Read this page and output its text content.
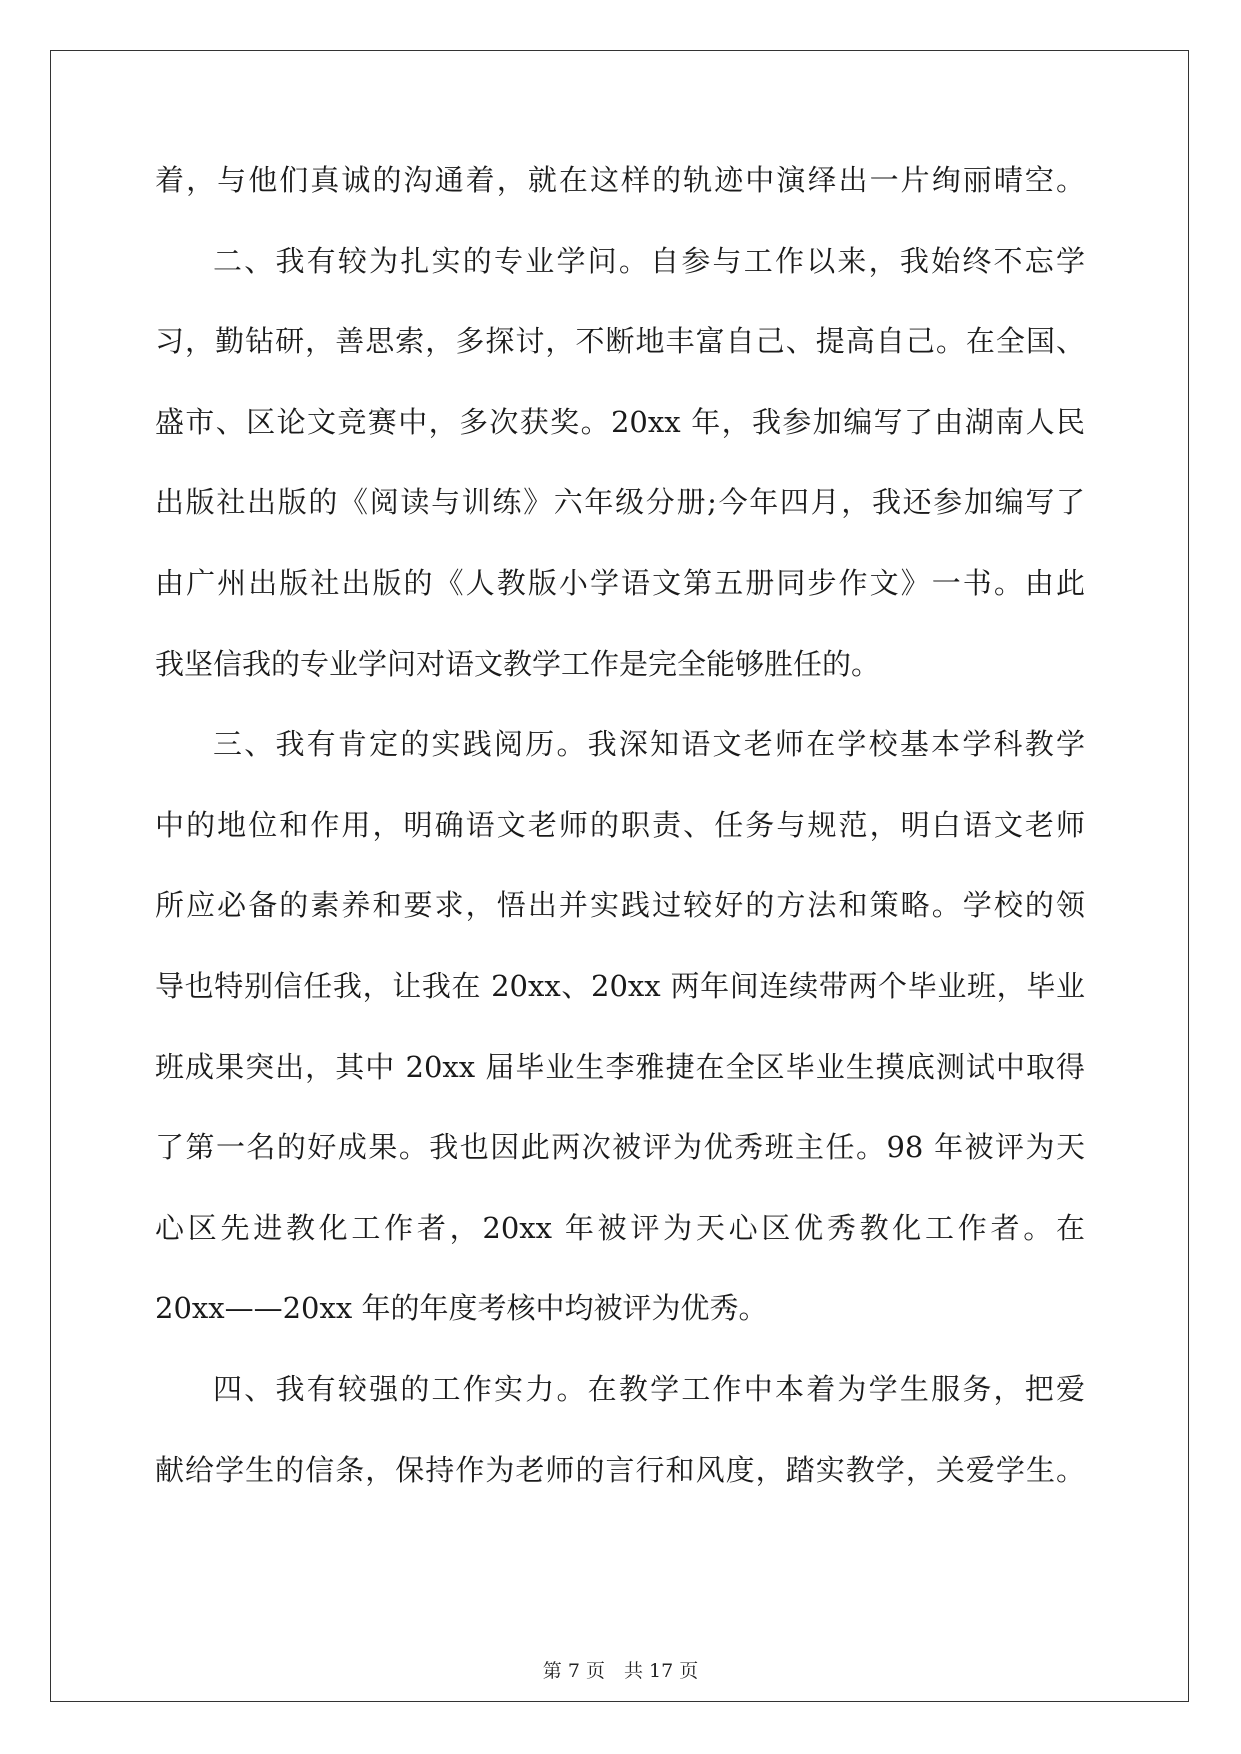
着，与他们真诚的沟通着，就在这样的轨迹中演绎出一片绚丽晴空。
二、我有较为扎实的专业学问。自参与工作以来，我始终不忘学
习，勤钻研，善思索，多探讨，不断地丰富自己、提高自己。在全国、
盛市、区论文竞赛中，多次获奖。20xx 年，我参加编写了由湖南人民
出版社出版的《阅读与训练》六年级分册;今年四月，我还参加编写了
由广州出版社出版的《人教版小学语文第五册同步作文》一书。由此
我坚信我的专业学问对语文教学工作是完全能够胜任的。
三、我有肯定的实践阅历。我深知语文老师在学校基本学科教学
中的地位和作用，明确语文老师的职责、任务与规范，明白语文老师
所应必备的素养和要求，悟出并实践过较好的方法和策略。学校的领
导也特别信任我，让我在 20xx、20xx 两年间连续带两个毕业班，毕业
班成果突出，其中 20xx 届毕业生李雅捷在全区毕业生摸底测试中取得
了第一名的好成果。我也因此两次被评为优秀班主任。98 年被评为天
心区先进教化工作者，20xx 年被评为天心区优秀教化工作者。在
20xx——20xx 年的年度考核中均被评为优秀。
四、我有较强的工作实力。在教学工作中本着为学生服务，把爱
献给学生的信条，保持作为老师的言行和风度，踏实教学，关爱学生。
第 7 页　共 17 页
